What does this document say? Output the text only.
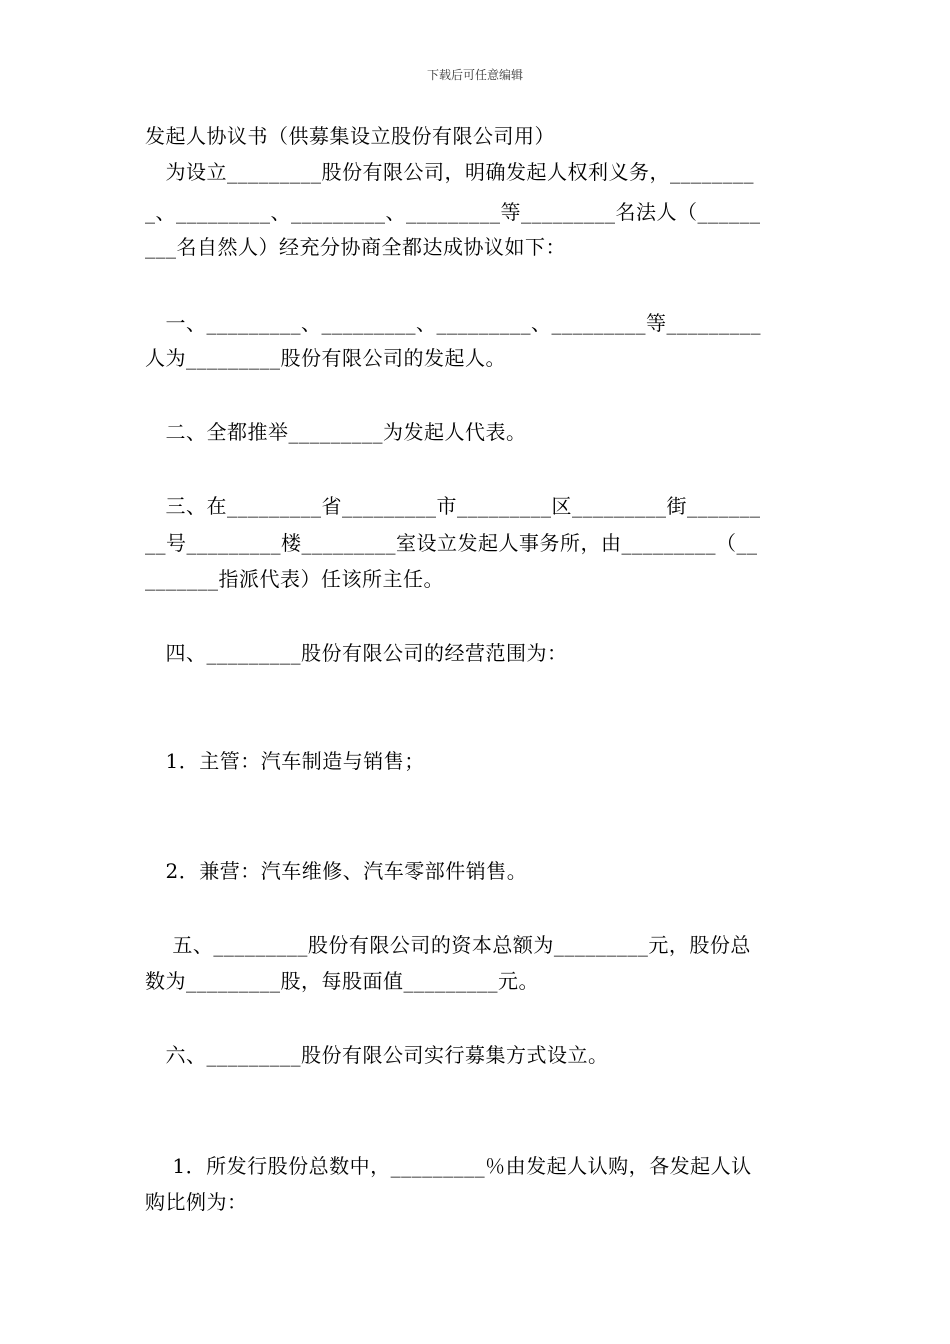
下载后可任意编辑
发起人协议书（供募集设立股份有限公司用）
　为设立_________股份有限公司，明确发起人权利义务，________
_、_________、_________、_________等_________名法人（______
___名自然人）经充分协商全都达成协议如下：
　一、_________、_________、_________、_________等_________
人为_________股份有限公司的发起人。
　二、全都推举_________为发起人代表。
　三、在_________省_________市_________区_________街_______
__号_________楼_________室设立发起人事务所，由_________（__
_______指派代表）任该所主任。
　四、_________股份有限公司的经营范围为：
　1．主管：汽车制造与销售；
　2．兼营：汽车维修、汽车零部件销售。
　 五、_________股份有限公司的资本总额为_________元，股份总
数为_________股，每股面值_________元。
　六、_________股份有限公司实行募集方式设立。
　 1．所发行股份总数中，_________％由发起人认购，各发起人认
购比例为：
